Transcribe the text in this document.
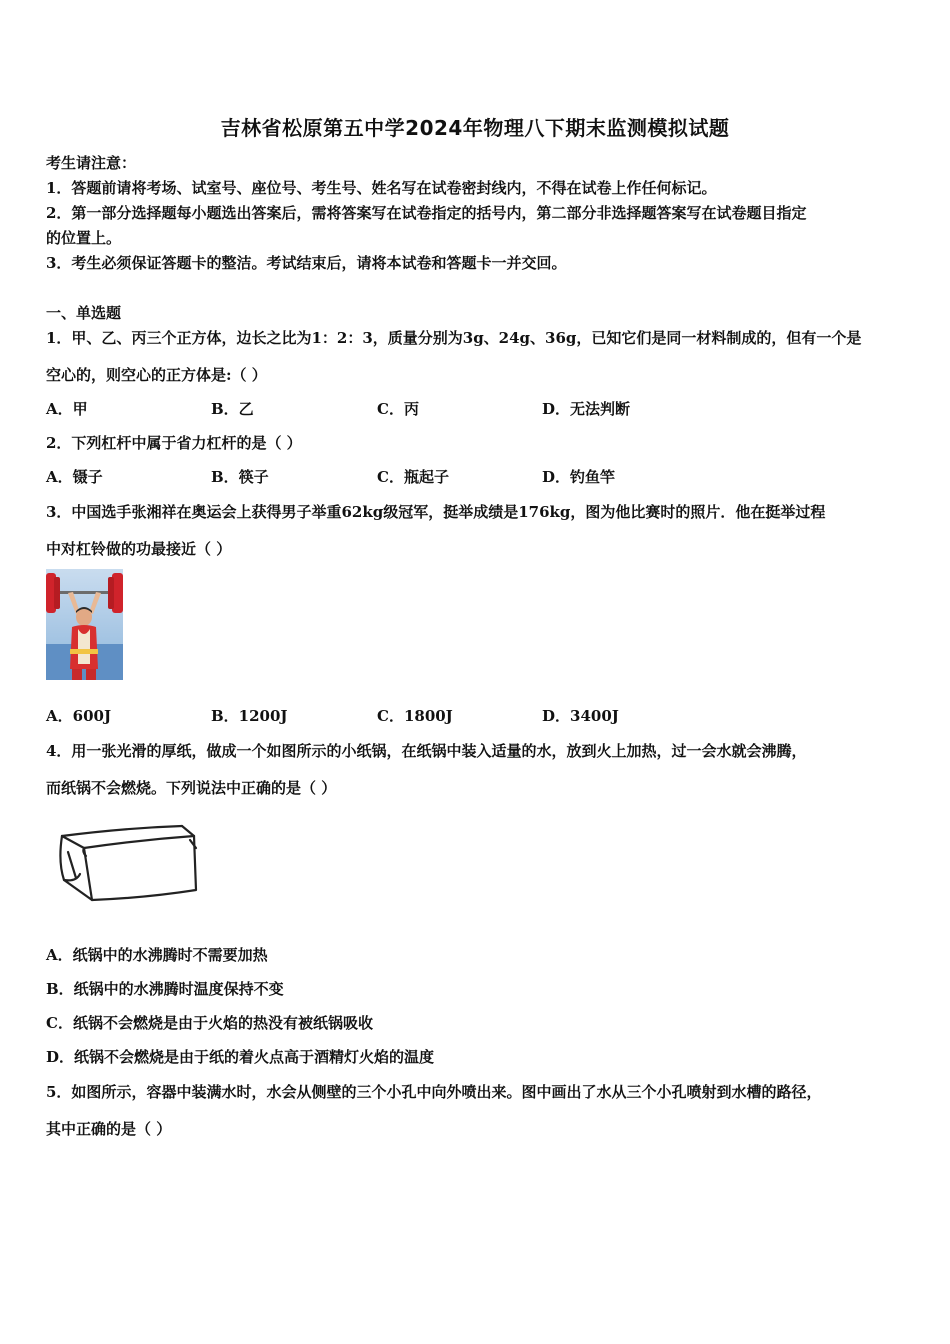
吉林省松原第五中学2024年物理八下期末监测模拟试题
考生请注意：
1．答题前请将考场、试室号、座位号、考生号、姓名写在试卷密封线内，不得在试卷上作任何标记。
2．第一部分选择题每小题选出答案后，需将答案写在试卷指定的括号内，第二部分非选择题答案写在试卷题目指定
的位置上。
3．考生必须保证答题卡的整洁。考试结束后，请将本试卷和答题卡一并交回。
一、单选题
1．甲、乙、丙三个正方体，边长之比为1：2：3，质量分别为3g、24g、36g，已知它们是同一材料制成的，但有一个是
空心的，则空心的正方体是:（ ）
A．甲	B．乙	C．丙	D．无法判断
2．下列杠杆中属于省力杠杆的是（ ）
A．镊子	B．筷子	C．瓶起子	D．钓鱼竿
3．中国选手张湘祥在奥运会上获得男子举重62kg级冠军，挺举成绩是176kg，图为他比赛时的照片．他在挺举过程
中对杠铃做的功最接近（ ）
A．600J	B．1200J	C．1800J	D．3400J
4．用一张光滑的厚纸，做成一个如图所示的小纸锅，在纸锅中装入适量的水，放到火上加热，过一会水就会沸腾，
而纸锅不会燃烧。下列说法中正确的是（ ）
A．纸锅中的水沸腾时不需要加热
B．纸锅中的水沸腾时温度保持不变
C．纸锅不会燃烧是由于火焰的热没有被纸锅吸收
D．纸锅不会燃烧是由于纸的着火点高于酒精灯火焰的温度
5．如图所示，容器中装满水时，水会从侧壁的三个小孔中向外喷出来。图中画出了水从三个小孔喷射到水槽的路径，
其中正确的是（ ）
